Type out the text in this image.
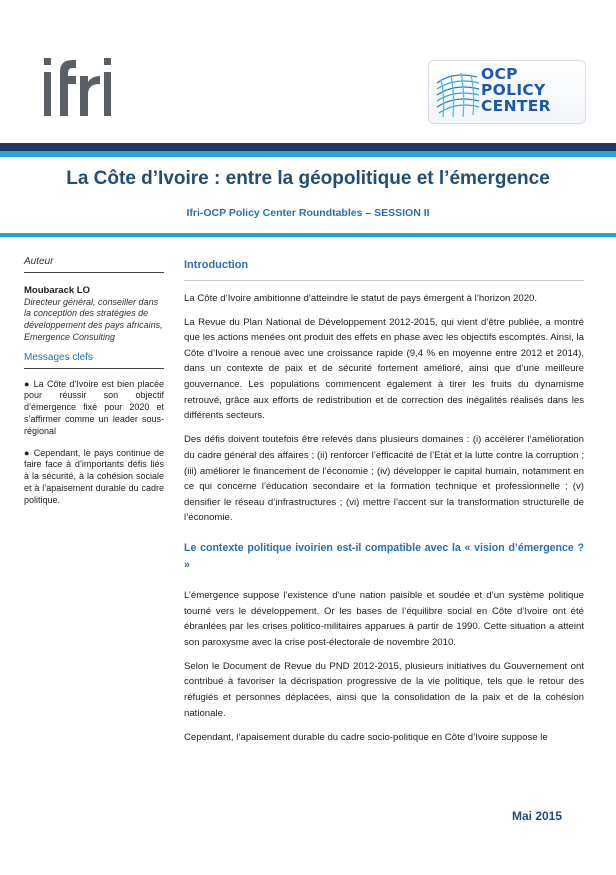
ifri
OCP
POLICY
CENTER
La Côte d’Ivoire : entre la géopolitique et l’émergence
Ifri-OCP Policy Center Roundtables – SESSION II
Auteur
Moubarack LO
Directeur général, conseiller dans la conception des stratégies de développement des pays africains, Emergence Consulting
Messages clefs
● La Côte d’Ivoire est bien placée pour réussir son objectif d’émergence fixé pour 2020 et s’affirmer comme un leader sous-régional
● Cependant, le pays continue de faire face à d’importants défis liés à la sécurité, à la cohésion sociale et à l’apaisement durable du cadre politique.
Introduction

La Côte d’Ivoire ambitionne d’atteindre le statut de pays émergent à l’horizon 2020.

La Revue du Plan National de Développement 2012-2015, qui vient d’être publiée, a montré que les actions menées ont produit des effets en phase avec les objectifs escomptés. Ainsi, la Côte d’Ivoire a renoué avec une croissance rapide (9,4 % en moyenne entre 2012 et 2014), dans un contexte de paix et de sécurité fortement amélioré, ainsi que d’une meilleure gouvernance. Les populations commencent également à tirer les fruits du dynamisme retrouvé, grâce aux efforts de redistribution et de correction des inégalités réalisés dans les différents secteurs.

Des défis doivent toutefois être relevés dans plusieurs domaines : (i) accélérer l’amélioration du cadre général des affaires ; (ii) renforcer l’efficacité de l’Etat et la lutte contre la corruption ; (iii) améliorer le financement de l’économie ; (iv) développer le capital humain, notamment en ce qui concerne l’éducation secondaire et la formation technique et professionnelle ; (v) densifier le réseau d’infrastructures ; (vi) mettre l’accent sur la transformation structurelle de l’économie.

Le contexte politique ivoirien est-il compatible avec la « vision d’émergence ? »

L’émergence suppose l’existence d’une nation paisible et soudée et d’un système politique tourné vers le développement. Or les bases de l’équilibre social en Côte d’Ivoire ont été ébranlées par les crises politico-militaires apparues à partir de 1990. Cette situation a atteint son paroxysme avec la crise post-électorale de novembre 2010.

Selon le Document de Revue du PND 2012-2015, plusieurs initiatives du Gouvernement ont contribué à favoriser la décrispation progressive de la vie politique, tels que le retour des réfugiés et personnes déplacées, ainsi que la consolidation de la paix et de la cohésion nationale.

Cependant, l’apaisement durable du cadre socio-politique en Côte d’Ivoire suppose le

Mai 2015
